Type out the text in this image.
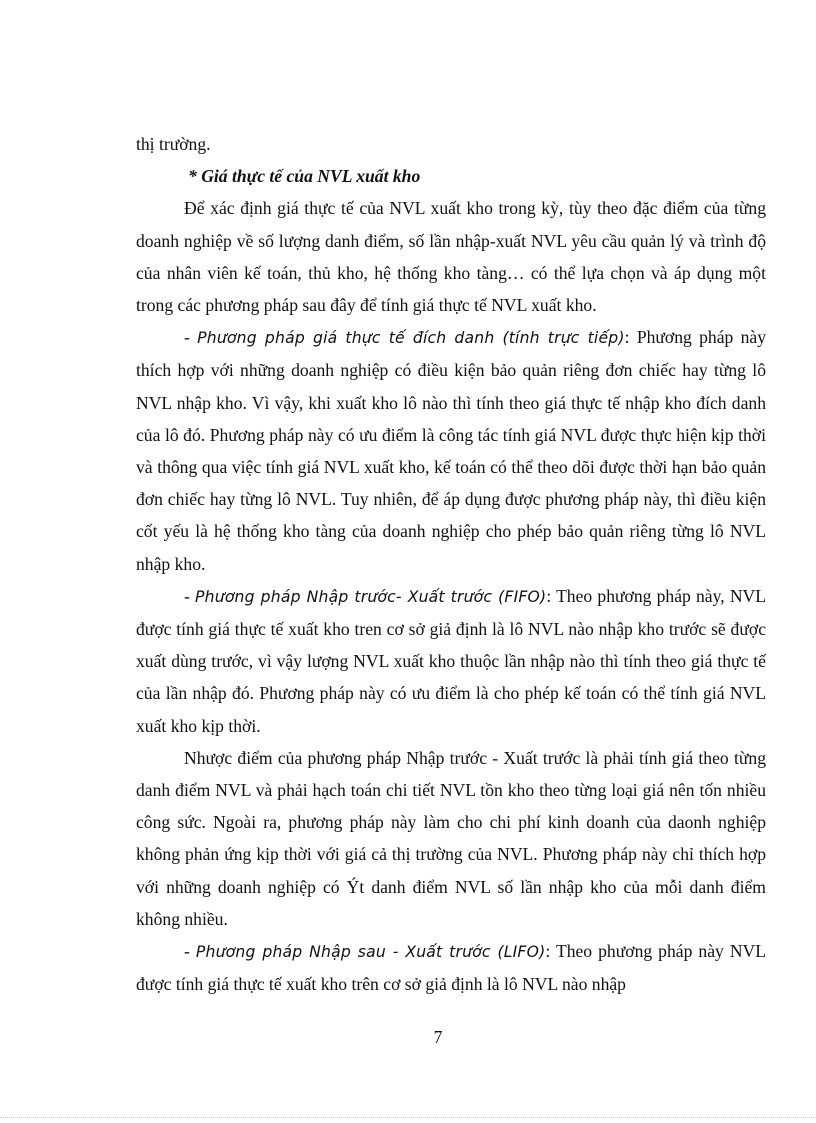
thị trường.

* Giá thực tế của NVL xuất kho

Để xác định giá thực tế của NVL xuất kho trong kỳ, tùy theo đặc điểm của từng doanh nghiệp về số lượng danh điểm, số lần nhập-xuất NVL yêu cầu quản lý và trình độ của nhân viên kế toán, thủ kho, hệ thống kho tàng… có thể lựa chọn và áp dụng một trong các phương pháp sau đây để tính giá thực tế NVL xuất kho.

- Phương pháp giá thực tế đích danh (tính trực tiếp): Phương pháp này thích hợp với những doanh nghiệp có điều kiện bảo quản riêng đơn chiếc hay từng lô NVL nhập kho. Vì vậy, khi xuất kho lô nào thì tính theo giá thực tế nhập kho đích danh của lô đó. Phương pháp này có ưu điểm là công tác tính giá NVL được thực hiện kịp thời và thông qua việc tính giá NVL xuất kho, kế toán có thể theo dõi được thời hạn bảo quản đơn chiếc hay từng lô NVL. Tuy nhiên, để áp dụng được phương pháp này, thì điều kiện cốt yếu là hệ thống kho tàng của doanh nghiệp cho phép bảo quản riêng từng lô NVL nhập kho.

- Phương pháp Nhập trước- Xuất trước (FIFO): Theo phương pháp này, NVL được tính giá thực tế xuất kho tren cơ sở giả định là lô NVL nào nhập kho trước sẽ được xuất dùng trước, vì vậy lượng NVL xuất kho thuộc lần nhập nào thì tính theo giá thực tế của lần nhập đó. Phương pháp này có ưu điểm là cho phép kế toán có thể tính giá NVL xuất kho kịp thời.

Nhược điểm của phương pháp Nhập trước - Xuất trước là phải tính giá theo từng danh điểm NVL và phải hạch toán chi tiết NVL tồn kho theo từng loại giá nên tốn nhiều công sức. Ngoài ra, phương pháp này làm cho chi phí kinh doanh của daonh nghiệp không phản ứng kịp thời với giá cả thị trường của NVL. Phương pháp này chỉ thích hợp với những doanh nghiệp có Ýt danh điểm NVL số lần nhập kho của mỗi danh điểm không nhiều.

- Phương pháp Nhập sau - Xuất trước (LIFO): Theo phương pháp này NVL được tính giá thực tế xuất kho trên cơ sở giả định là lô NVL nào nhập

7
